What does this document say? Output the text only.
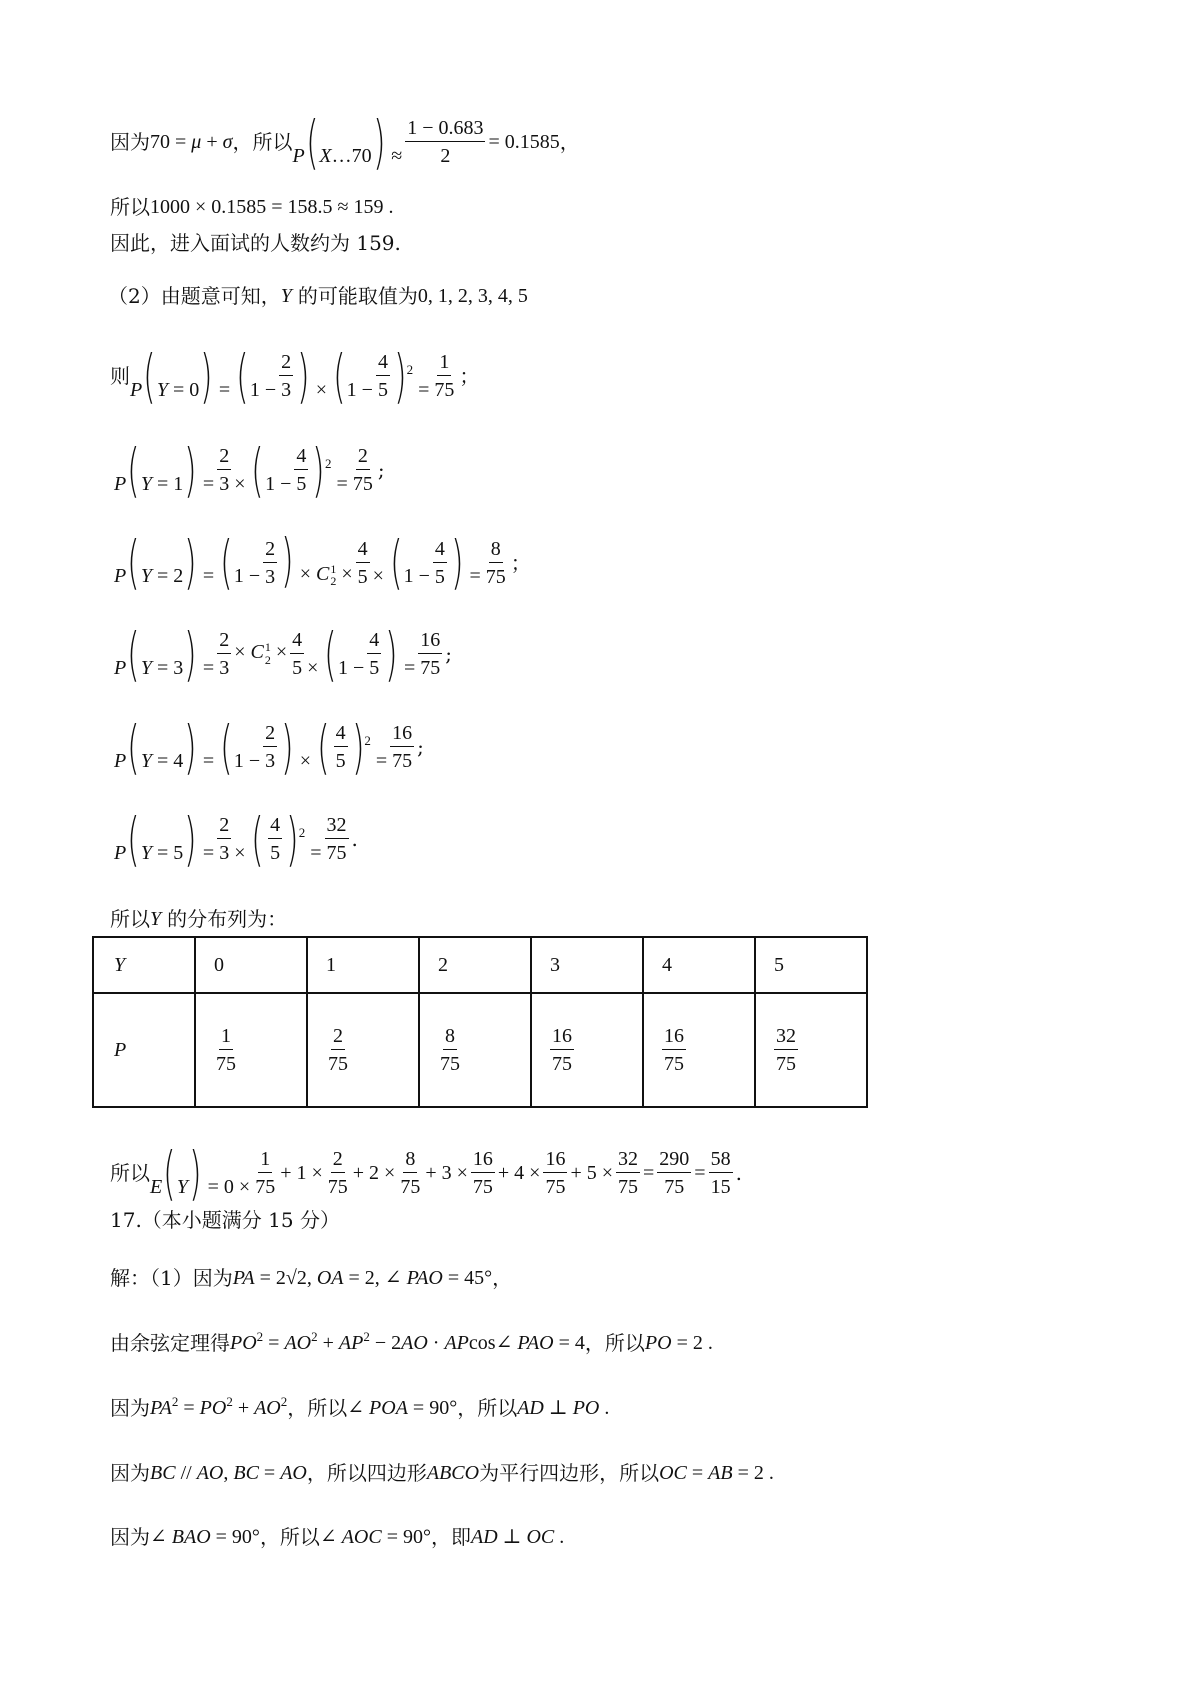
因为 70 = μ + σ ，所以
P(X…70) ≈ $\frac{1 - 0.683}{2} = 0.1585$ ，
所以 1000 × 0.1585 = 158.5 ≈ 159 .
因此，进入面试的人数约为 159.
（2）由题意可知， Y 的可能取值为 0, 1, 2, 3, 4, 5
则
$P(Y = 0) = (1 - \frac{2}{3}$ ) × $(1 - \frac{4}{5} )^2 = \frac{1}{75}$ ；
$P(Y = 1) = \frac{2}{3} \times (1 - \frac{4}{5} )^2 = \frac{2}{75}$ ;
$P(Y = 2) = (1 - \frac{2}{3}$ ) × C 1
$2 \times \frac{4}{5} \times (1 - \frac{4}{5}$ ) = $\frac{8}{75}$ ；
$P(Y = 3) = \frac{2}{3} \times C$ 1
$2 \times \frac{4}{5} \times (1 - \frac{4}{5}$ ) = $\frac{16}{75}$ ;
$P(Y = 4) = (1 - \frac{2}{3}$ ) × ( 4
5 )$^2 = \frac{16}{75}$ ;
$P(Y = 5) = \frac{2}{3}$ × ( 4
5 )$^2 = \frac{32}{75}$ .
所以 Y 的分布列为：
Y	0	1	2	3	4	5

P	$\frac{1}{75}$	$\frac{2}{75}$	$\frac{8}{75}$	$\frac{16}{75}$	$\frac{16}{75}$	$\frac{32}{75}$
所以
$E(Y) = 0 \times \frac{1}{75} + 1 \times \frac{2}{75} + 2 \times \frac{8}{75} + 3 \times \frac{16}{75} + 4 \times \frac{16}{75} + 5 \times \frac{32}{75} = \frac{290}{75} = \frac{58}{15}$ .
17.（本小题满分 15 分）
解：（1）因为 PA = 2√2, OA = 2, ∠ PAO = 45° ，
由余弦定理得 $PO^2 = AO^2 + AP^2 - 2AO$ · APcos∠ PAO = 4 ，所以 PO = 2 .
因为 $PA^2 = PO^2 + AO^2$ ，所以 ∠ POA = 90° ，所以 AD ⊥ PO .
因为 BC // AO, BC = AO ，所以四边形 ABCO 为平行四边形，所以 OC = AB = 2 .
因为 ∠ BAO = 90° ，所以 ∠ AOC = 90° ，即 AD ⊥ OC .
